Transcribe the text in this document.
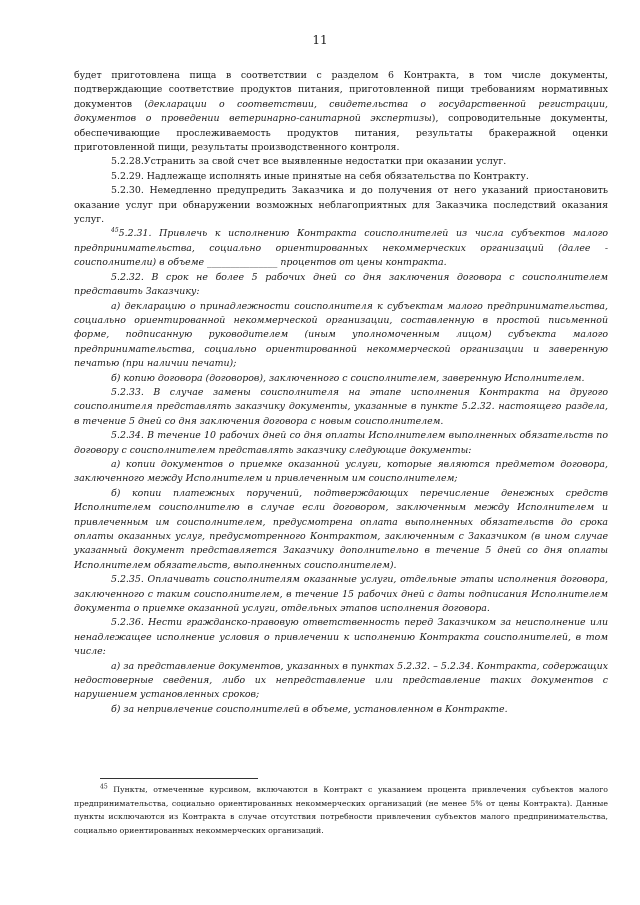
11

будет приготовлена пища в соответствии с разделом 6 Контракта, в том числе документы, подтверждающие соответствие продуктов питания, приготовленной пищи требованиям нормативных документов (декларации о соответствии, свидетельства о государственной регистрации, документов о проведении ветеринарно-санитарной экспертизы), сопроводительные документы, обеспечивающие прослеживаемость продуктов питания, результаты бракеражной оценки приготовленной пищи, результаты производственного контроля.

5.2.28.Устранить за свой счет все выявленные недостатки при оказании услуг.

5.2.29. Надлежаще исполнять иные принятые на себя обязательства по Контракту.

5.2.30. Немедленно предупредить Заказчика и до получения от него указаний приостановить оказание услуг при обнаружении возможных неблагоприятных для Заказчика последствий оказания услуг.

$^{45}$5.2.31. Привлечь к исполнению Контракта соисполнителей из числа субъектов малого предпринимательства, социально ориентированных некоммерческих организаций (далее - соисполнители) в объеме _______________ процентов от цены контракта.

5.2.32. В срок не более 5 рабочих дней со дня заключения договора с соисполнителем представить Заказчику:

а) декларацию о принадлежности соисполнителя к субъектам малого предпринимательства, социально ориентированной некоммерческой организации, составленную в простой письменной форме, подписанную руководителем (иным уполномоченным лицом) субъекта малого предпринимательства, социально ориентированной некоммерческой организации и заверенную печатью (при наличии печати);

б) копию договора (договоров), заключенного с соисполнителем, заверенную Исполнителем.

5.2.33. В случае замены соисполнителя на этапе исполнения Контракта на другого соисполнителя представлять заказчику документы, указанные в пункте 5.2.32. настоящего раздела, в течение 5 дней со дня заключения договора с новым соисполнителем.

5.2.34. В течение 10 рабочих дней со дня оплаты Исполнителем выполненных обязательств по договору с соисполнителем представлять заказчику следующие документы:

а) копии документов о приемке оказанной услуги, которые являются предметом договора, заключенного между Исполнителем и привлеченным им соисполнителем;

б) копии платежных поручений, подтверждающих перечисление денежных средств Исполнителем соисполнителю в случае если договором, заключенным между Исполнителем и привлеченным им соисполнителем, предусмотрена оплата выполненных обязательств до срока оплаты оказанных услуг, предусмотренного Контрактом, заключенным с Заказчиком (в ином случае указанный документ представляется Заказчику дополнительно в течение 5 дней со дня оплаты Исполнителем обязательств, выполненных соисполнителем).

5.2.35. Оплачивать соисполнителям оказанные услуги, отдельные этапы исполнения договора, заключенного с таким соисполнителем, в течение 15 рабочих дней с даты подписания Исполнителем документа о приемке оказанной услуги, отдельных этапов исполнения договора.

5.2.36. Нести гражданско-правовую ответственность перед Заказчиком за неисполнение или ненадлежащее исполнение условия о привлечении к исполнению Контракта соисполнителей, в том числе:

а) за представление документов, указанных в пунктах 5.2.32. – 5.2.34. Контракта, содержащих недостоверные сведения, либо их непредставление или представление таких документов с нарушением установленных сроков;

б) за непривлечение соисполнителей в объеме, установленном в Контракте.

$^{45}$ Пункты, отмеченные курсивом, включаются в Контракт с указанием процента привлечения субъектов малого предпринимательства, социально ориентированных некоммерческих организаций (не менее 5% от цены Контракта). Данные пункты исключаются из Контракта в случае отсутствия потребности привлечения субъектов малого предпринимательства, социально ориентированных некоммерческих организаций.
